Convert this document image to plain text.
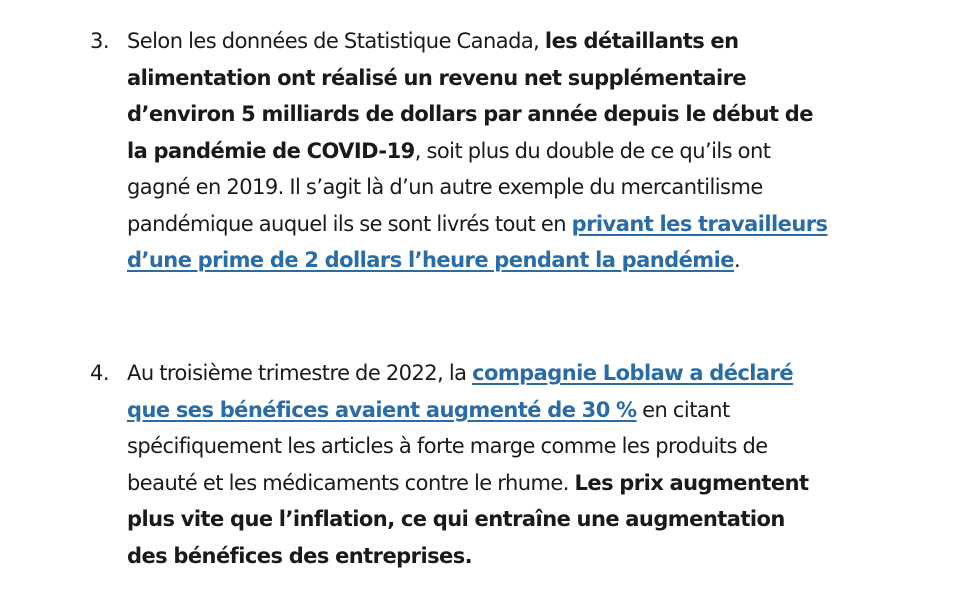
3. Selon les données de Statistique Canada, les détaillants en alimentation ont réalisé un revenu net supplémentaire d’environ 5 milliards de dollars par année depuis le début de la pandémie de COVID-19, soit plus du double de ce qu’ils ont gagné en 2019. Il s’agit là d’un autre exemple du mercantilisme pandémique auquel ils se sont livrés tout en privant les travailleurs d’une prime de 2 dollars l’heure pendant la pandémie.

4. Au troisième trimestre de 2022, la compagnie Loblaw a déclaré que ses bénéfices avaient augmenté de 30 % en citant spécifiquement les articles à forte marge comme les produits de beauté et les médicaments contre le rhume. Les prix augmentent plus vite que l’inflation, ce qui entraîne une augmentation des bénéfices des entreprises.
